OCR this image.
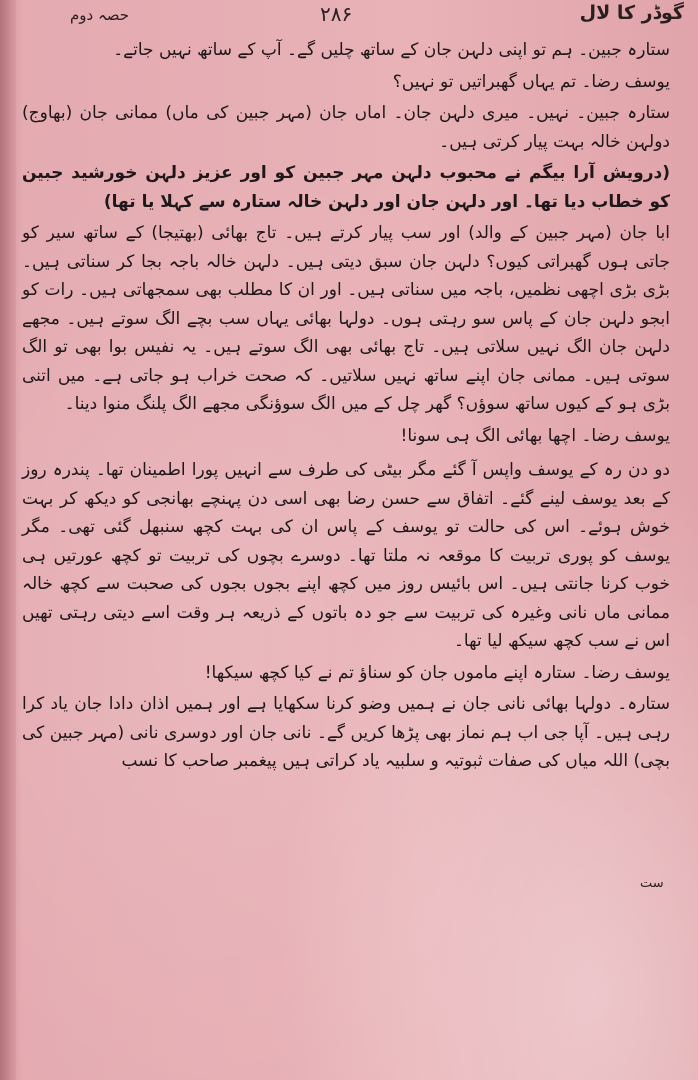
حصہ دوم	۲۸۶	گوڈر کا لال

ستارہ جبین۔ ہم تو اپنی دلہن جان کے ساتھ چلیں گے۔ آپ کے ساتھ نہیں جاتے۔

یوسف رضا۔ تم یہاں گھبراتیں تو نہیں؟

ستارہ جبین۔ نہیں۔ میری دلہن جان۔ اماں جان (مہر جبین کی ماں) ممانی جان (بھاوج) دولہن خالہ بہت پیار کرتی ہیں۔

(درویش آرا بیگم نے محبوب دلہن مہر جبین کو اور عزیز دلہن خورشید جبین کو خطاب دیا تھا۔ اور دلہن جان اور دلہن خالہ ستارہ سے کہلا یا تھا)

ابا جان (مہر جبین کے والد) اور سب پیار کرتے ہیں۔ تاج بھائی (بھتیجا) کے ساتھ سیر کو جاتی ہوں گھبراتی کیوں؟ دلہن جان سبق دیتی ہیں۔ دلہن خالہ باجہ بجا کر سناتی ہیں۔ بڑی بڑی اچھی نظمیں، باجہ میں سناتی ہیں۔ اور ان کا مطلب بھی سمجھاتی ہیں۔ رات کو ابجو دلہن جان کے پاس سو رہتی ہوں۔ دولہا بھائی یہاں سب بچے الگ سوتے ہیں۔ مجھے دلہن جان الگ نہیں سلاتی ہیں۔ تاج بھائی بھی الگ سوتے ہیں۔ یہ نفیس بوا بھی تو الگ سوتی ہیں۔ ممانی جان اپنے ساتھ نہیں سلاتیں۔ کہ صحت خراب ہو جاتی ہے۔ میں اتنی بڑی ہو کے کیوں ساتھ سوؤں؟ گھر چل کے میں الگ سوؤنگی مجھے الگ پلنگ منوا دینا۔

یوسف رضا۔ اچھا بھائی الگ ہی سونا!

دو دن رہ کے یوسف واپس آ گئے مگر بیٹی کی طرف سے انہیں پورا اطمینان تھا۔ پندرہ روز کے بعد یوسف لینے گئے۔ اتفاق سے حسن رضا بھی اسی دن پہنچے بھانجی کو دیکھ کر بہت خوش ہوئے۔ اس کی حالت تو یوسف کے پاس ان کی بہت کچھ سنبھل گئی تھی۔ مگر یوسف کو پوری تربیت کا موقعہ نہ ملتا تھا۔ دوسرے بچوں کی تربیت تو کچھ عورتیں ہی خوب کرنا جانتی ہیں۔ اس بائیس روز میں کچھ اپنے بجوں بجوں کی صحبت سے کچھ خالہ ممانی ماں نانی وغیرہ کی تربیت سے جو دہ باتوں کے ذریعہ ہر وقت اسے دیتی رہتی تھیں اس نے سب کچھ سیکھ لیا تھا۔

یوسف رضا۔ ستارہ اپنے ماموں جان کو سناؤ تم نے کیا کچھ سیکھا!

ستارہ۔ دولہا بھائی نانی جان نے ہمیں وضو کرنا سکھایا ہے اور ہمیں اذان دادا جان یاد کرا رہی ہیں۔ آپا جی اب ہم نماز بھی پڑھا کریں گے۔ نانی جان اور دوسری نانی (مہر جبین کی بچی) اللہ میاں کی صفات ثبوتیہ و سلبیہ یاد کراتی ہیں پیغمبر صاحب کا نسب

ست
